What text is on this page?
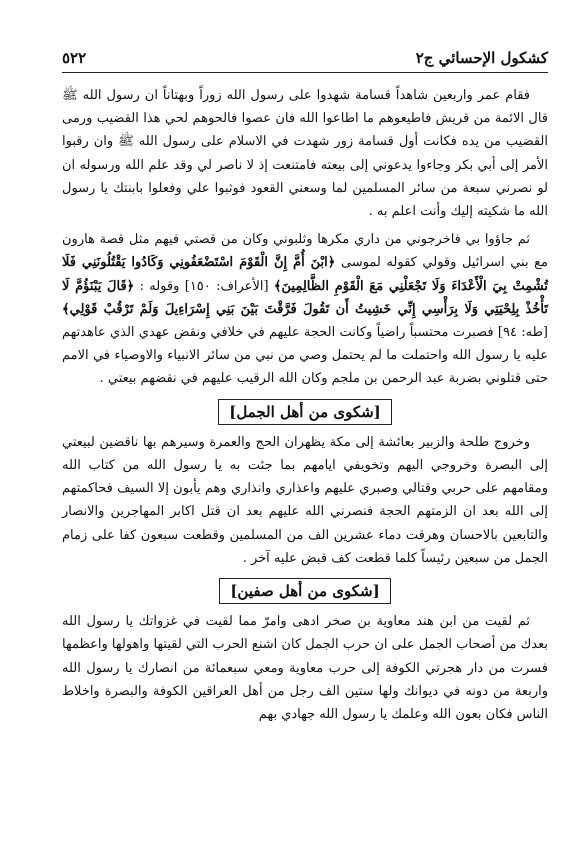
كشكول الإحسائي ج٢
٥٢٢

فقام عمر واربعين شاهداً قسامة شهدوا على رسول الله زوراً وبهتاناً ان رسول الله ﷺ قال الائمة من قريش فاطيعوهم ما اطاعوا الله فان عصوا فالحوهم لحي هذا القضيب ورمى القضيب من يده فكانت أول قسامة زور شهدت في الاسلام على رسول الله ﷺ وان رقبوا الأمر إلى أبي بكر وجاءوا يدعوني إلى بيعته فامتنعت إذ لا ناصر لي وقد علم الله ورسوله ان لو نصرني سبعة من سائر المسلمين لما وسعني القعود فوثبوا علي وفعلوا بابنتك يا رسول الله ما شكيته إليك وأنت اعلم به .

ثم جاؤوا بي فاخرجوني من داري مكرها وثلبوني وكان من قصتي فيهم مثل قصة هارون مع بني اسرائيل وقولي كقوله لموسى ﴿ابْنَ أُمَّ إِنَّ الْقَوْمَ اسْتَضْعَفُونِي وَكَادُوا يَقْتُلُونَنِي فَلَا تُشْمِتْ بِيَ الْأَعْدَاءَ وَلَا تَجْعَلْنِي مَعَ الْقَوْمِ الظَّالِمِينَ﴾ [الأعراف: ١٥٠] وقوله : ﴿قَالَ يَبْنَؤُمَّ لَا تَأْخُذْ بِلِحْيَتِي وَلَا بِرَأْسِي إِنِّي خَشِيتُ أَن تَقُولَ فَرَّقْتَ بَيْنَ بَنِي إِسْرَاءِيلَ وَلَمْ تَرْقُبْ قَوْلِي﴾ [طه: ٩٤] فصبرت محتسباً راضياً وكانت الحجة عليهم في خلافي ونقض عهدي الذي عاهدتهم عليه يا رسول الله واحتملت ما لم يحتمل وصي من نبي من سائر الانبياء والاوصياء في الامم حتى قتلوني بضربة عبد الرحمن بن ملجم وكان الله الرقيب عليهم في نقضهم بيعتي .

[شكوى من أهل الجمل]

وخروج طلحة والزبير بعائشة إلى مكة يظهران الحج والعمرة وسيرهم بها ناقضين لبيعتي إلى البصرة وخروجي اليهم وتخويفي ايامهم بما جئت به يا رسول الله من كتاب الله ومقامهم على حربي وقتالي وصبري عليهم واعذاري وانذاري وهم يأبون إلا السيف فحاكمتهم إلى الله بعد ان الزمتهم الحجة فنصرني الله عليهم بعد ان قتل اكابر المهاجرين والانصار والتابعين بالاحسان وهرقت دماء عشرين الف من المسلمين وقطعت سبعون كفا على زمام الجمل من سبعين رئيساً كلما قطعت كف قبض عليه آخر .

[شكوى من أهل صفين]

ثم لقيت من ابن هند معاوية بن صخر ادهى وامرّ مما لقيت في غزواتك يا رسول الله بعدك من أصحاب الجمل على ان حرب الجمل كان اشنع الحرب التي لقيتها واهولها واعظمها فسرت من دار هجرتي الكوفة إلى حرب معاوية ومعي سبعمائة من انصارك يا رسول الله واربعة من دونه في ديوانك ولها ستين الف رجل من أهل العراقين الكوفة والبصرة واخلاط الناس فكان بعون الله وعلمك يا رسول الله جهادي بهم
